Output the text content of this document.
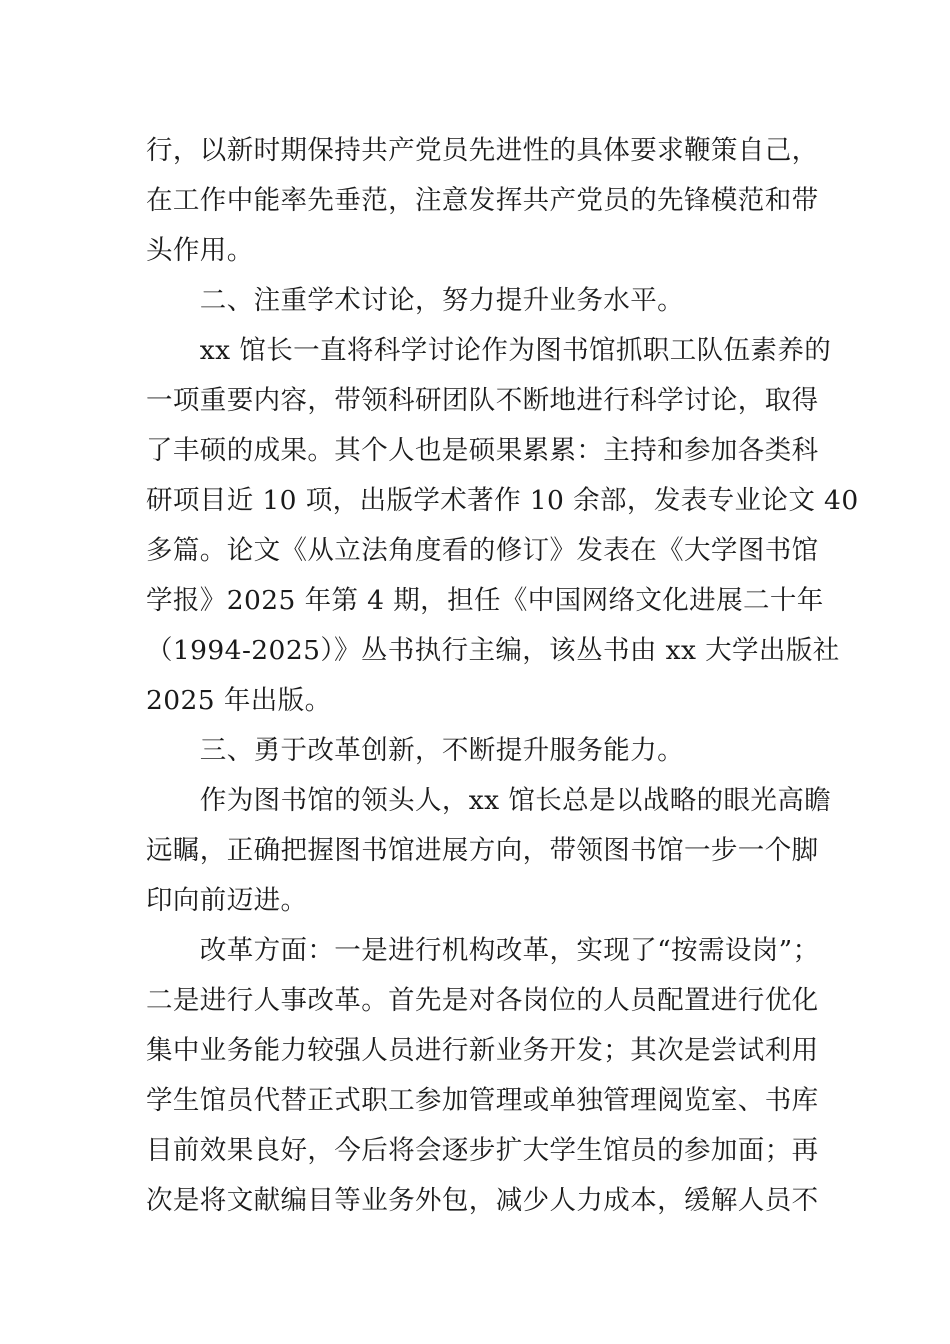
行，以新时期保持共产党员先进性的具体要求鞭策自己，
在工作中能率先垂范，注意发挥共产党员的先锋模范和带
头作用。
　　二、注重学术讨论，努力提升业务水平。
　　xx 馆长一直将科学讨论作为图书馆抓职工队伍素养的
一项重要内容，带领科研团队不断地进行科学讨论，取得
了丰硕的成果。其个人也是硕果累累：主持和参加各类科
研项目近 10 项，出版学术著作 10 余部，发表专业论文 40
多篇。论文《从立法角度看的修订》发表在《大学图书馆
学报》2025 年第 4 期，担任《中国网络文化进展二十年
（1994-2025）》丛书执行主编，该丛书由 xx 大学出版社
2025 年出版。
　　三、勇于改革创新，不断提升服务能力。
　　作为图书馆的领头人，xx 馆长总是以战略的眼光高瞻
远瞩，正确把握图书馆进展方向，带领图书馆一步一个脚
印向前迈进。
　　改革方面：一是进行机构改革，实现了“按需设岗”；
二是进行人事改革。首先是对各岗位的人员配置进行优化
集中业务能力较强人员进行新业务开发；其次是尝试利用
学生馆员代替正式职工参加管理或单独管理阅览室、书库
目前效果良好，今后将会逐步扩大学生馆员的参加面；再
次是将文献编目等业务外包，减少人力成本，缓解人员不
